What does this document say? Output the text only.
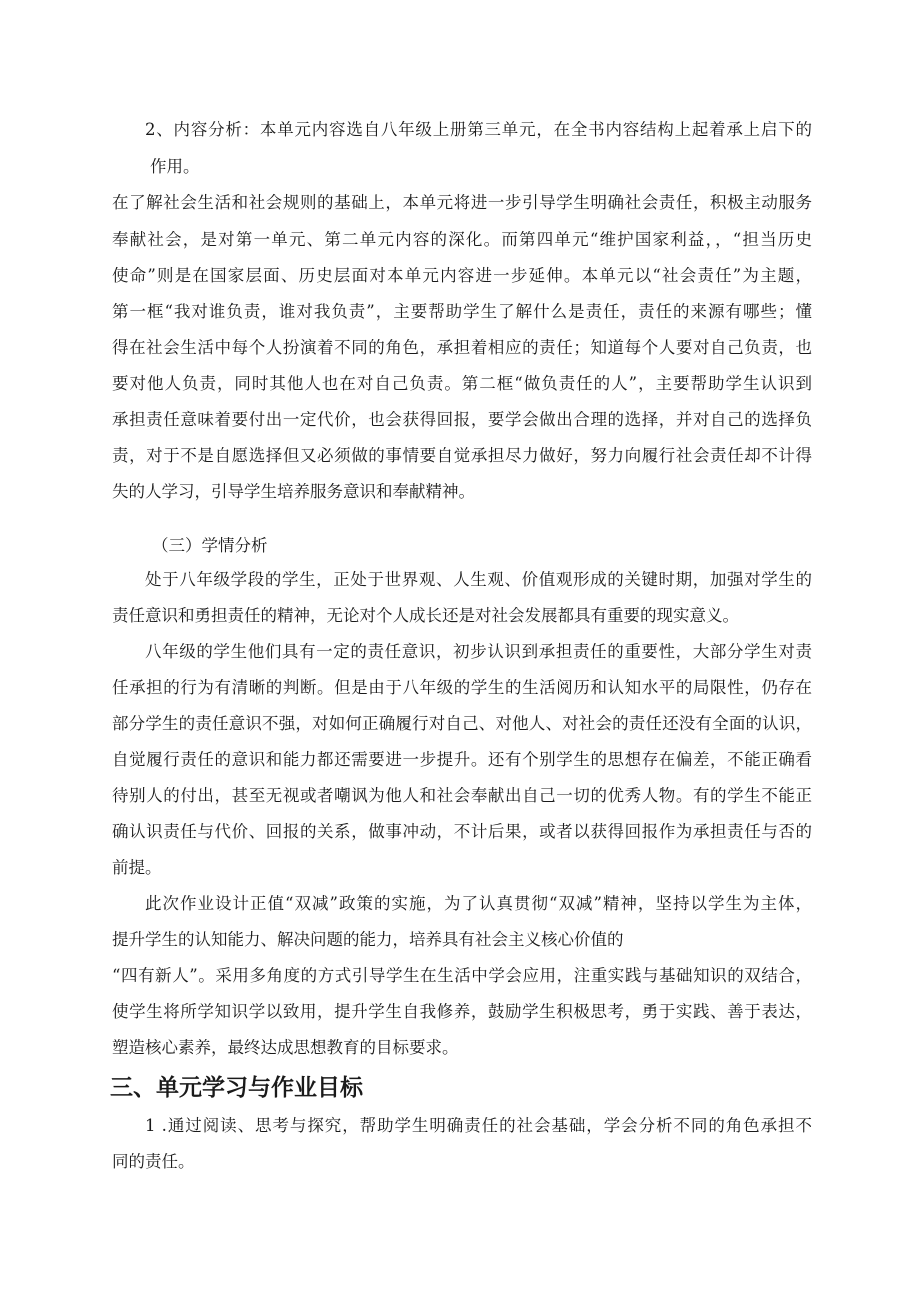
2、内容分析：本单元内容选自八年级上册第三单元，在全书内容结构上起着承上启下的
作用。
在了解社会生活和社会规则的基础上，本单元将进一步引导学生明确社会责任，积极主动服务
奉献社会，是对第一单元、第二单元内容的深化。而第四单元“维护国家利益，，“担当历史
使命”则是在国家层面、历史层面对本单元内容进一步延伸。本单元以“社会责任”为主题，
第一框“我对谁负责，谁对我负责”，主要帮助学生了解什么是责任，责任的来源有哪些；懂
得在社会生活中每个人扮演着不同的角色，承担着相应的责任；知道每个人要对自己负责，也
要对他人负责，同时其他人也在对自己负责。第二框“做负责任的人”，主要帮助学生认识到
承担责任意味着要付出一定代价，也会获得回报，要学会做出合理的选择，并对自己的选择负
责，对于不是自愿选择但又必须做的事情要自觉承担尽力做好，努力向履行社会责任却不计得
失的人学习，引导学生培养服务意识和奉献精神。
（三）学情分析
处于八年级学段的学生，正处于世界观、人生观、价值观形成的关键时期，加强对学生的
责任意识和勇担责任的精神，无论对个人成长还是对社会发展都具有重要的现实意义。
八年级的学生他们具有一定的责任意识，初步认识到承担责任的重要性，大部分学生对责
任承担的行为有清晰的判断。但是由于八年级的学生的生活阅历和认知水平的局限性，仍存在
部分学生的责任意识不强，对如何正确履行对自己、对他人、对社会的责任还没有全面的认识，
自觉履行责任的意识和能力都还需要进一步提升。还有个别学生的思想存在偏差，不能正确看
待别人的付出，甚至无视或者嘲讽为他人和社会奉献出自己一切的优秀人物。有的学生不能正
确认识责任与代价、回报的关系，做事冲动，不计后果，或者以获得回报作为承担责任与否的
前提。
此次作业设计正值“双减”政策的实施，为了认真贯彻“双减”精神，坚持以学生为主体，
提升学生的认知能力、解决问题的能力，培养具有社会主义核心价值的
“四有新人”。采用多角度的方式引导学生在生活中学会应用，注重实践与基础知识的双结合，
使学生将所学知识学以致用，提升学生自我修养，鼓励学生积极思考，勇于实践、善于表达，
塑造核心素养，最终达成思想教育的目标要求。
三、单元学习与作业目标
1 .通过阅读、思考与探究，帮助学生明确责任的社会基础，学会分析不同的角色承担不
同的责任。
